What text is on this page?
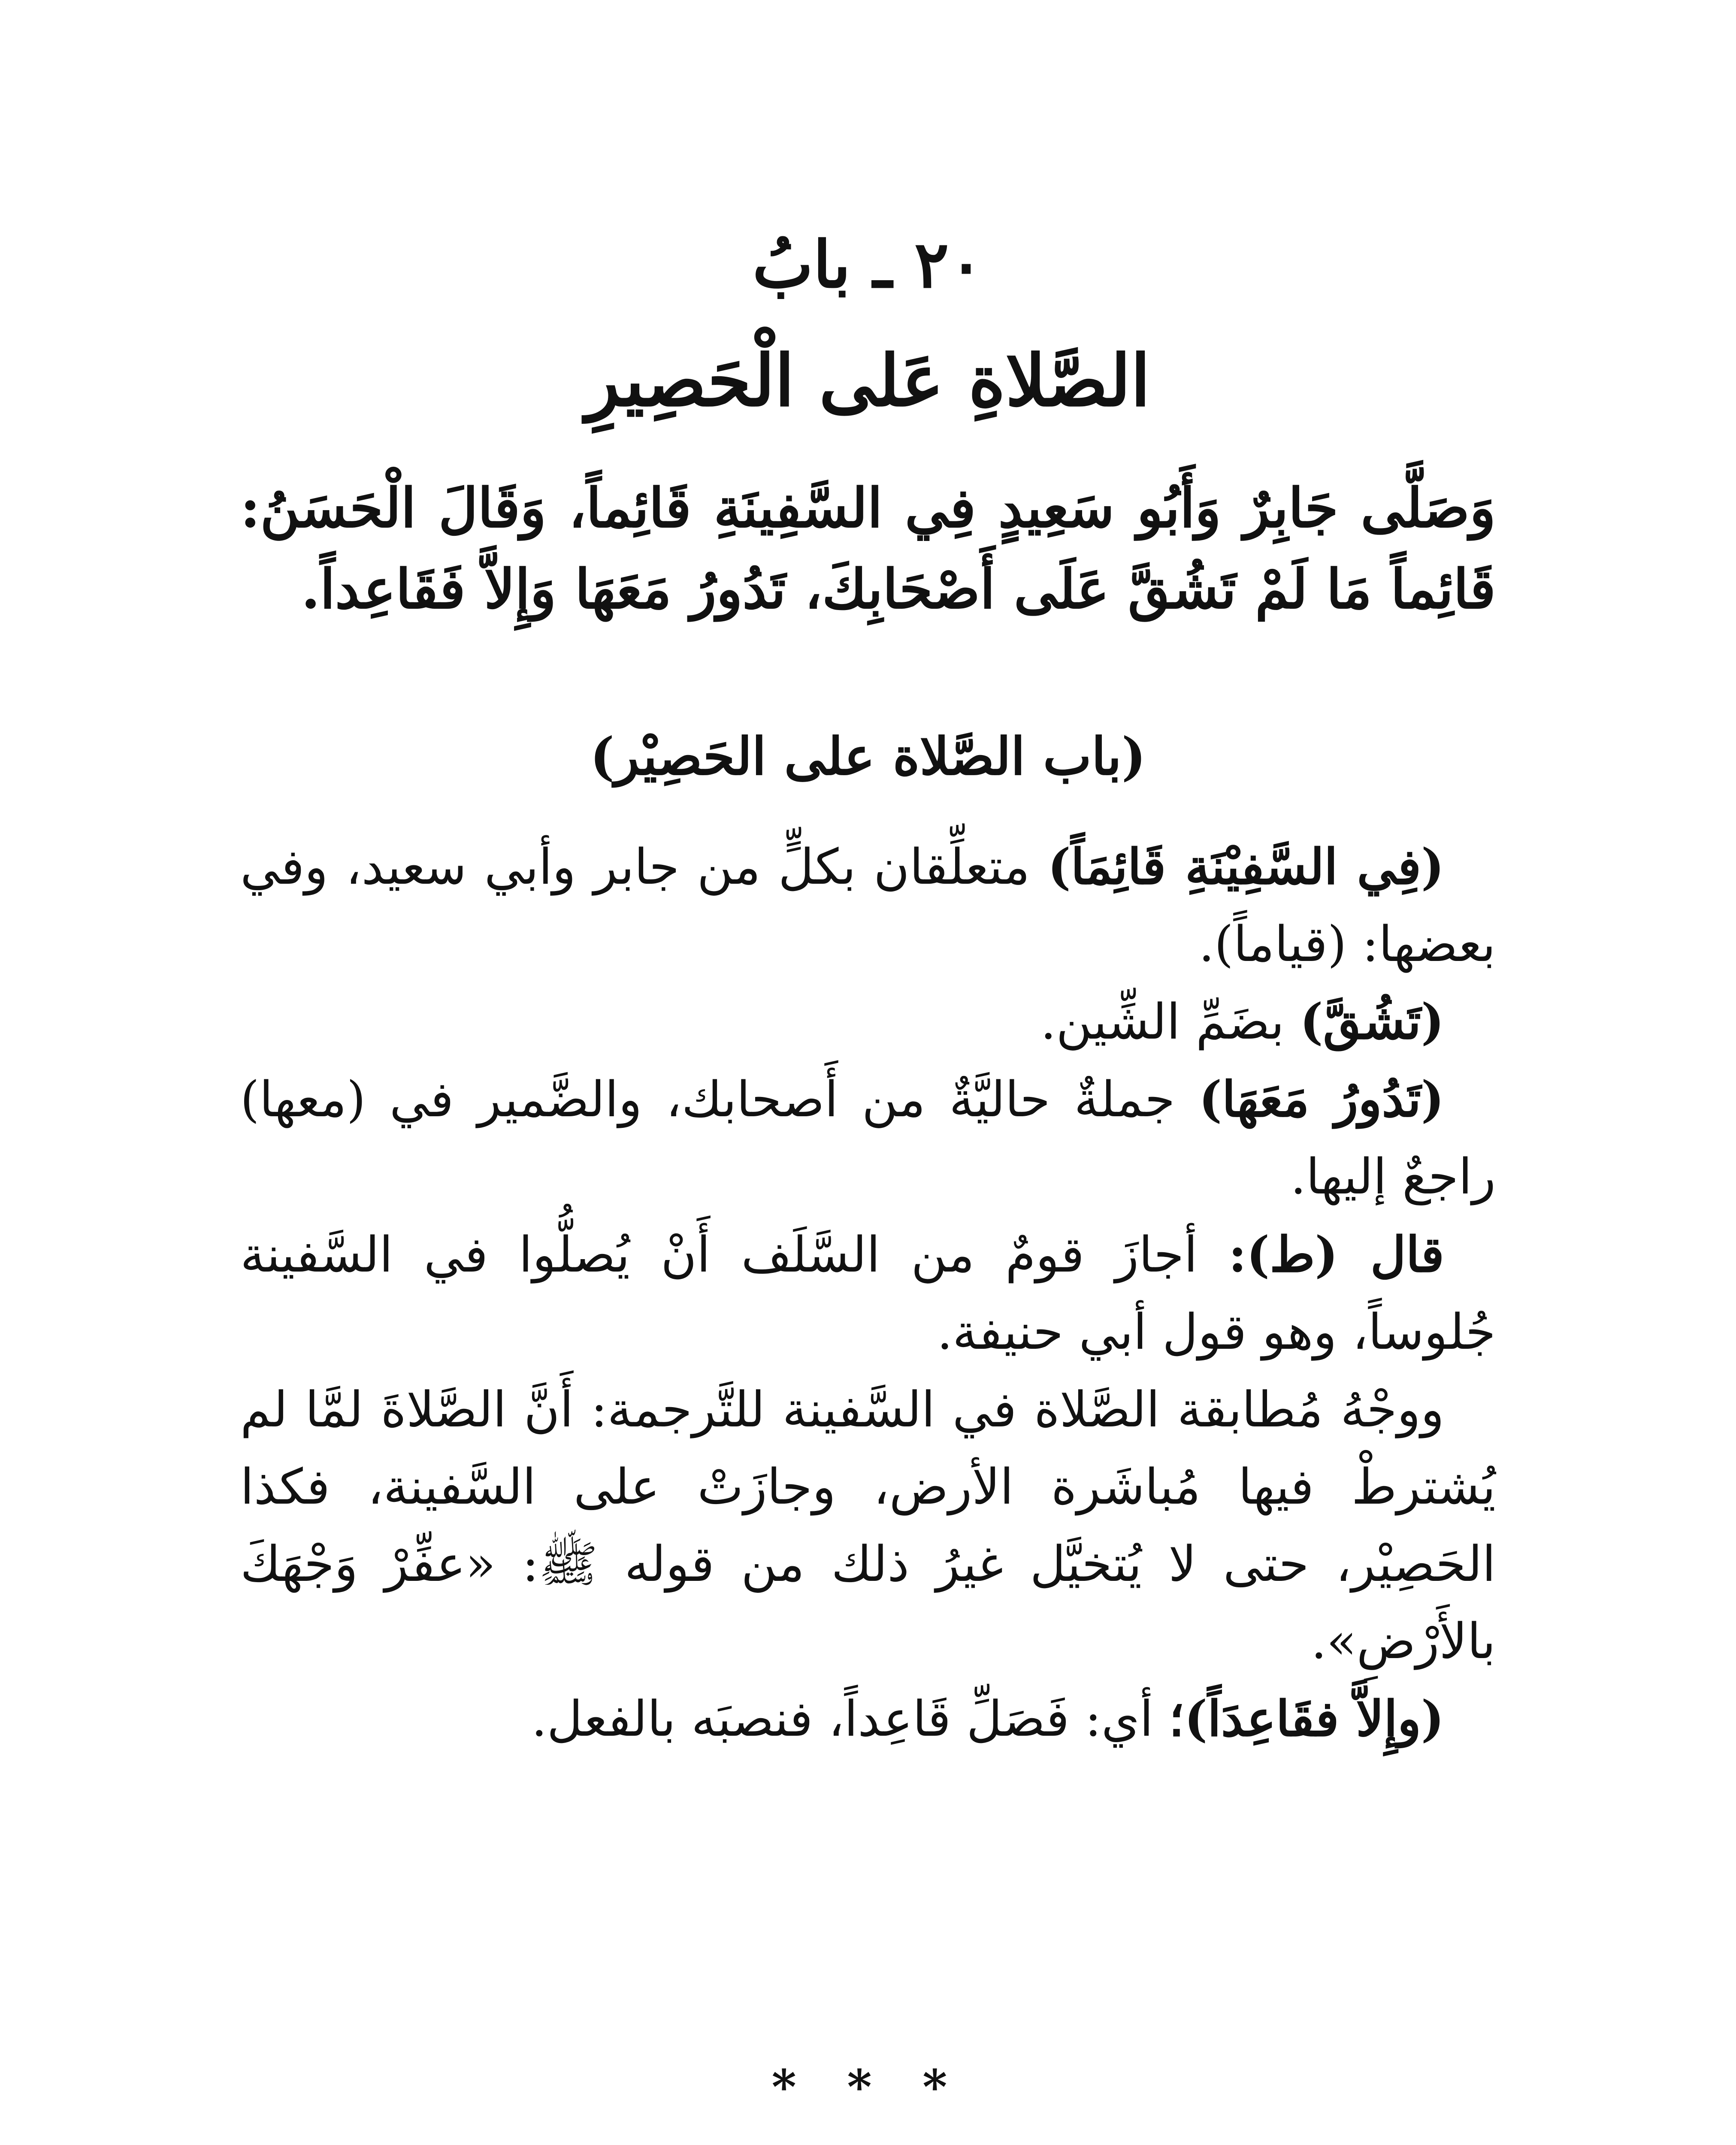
٢٠ ـ بابُ
الصَّلاةِ عَلى الْحَصِيرِ
وَصَلَّى جَابِرٌ وَأَبُو سَعِيدٍ فِي السَّفِينَةِ قَائِماً، وَقَالَ الْحَسَنُ: قَائِماً مَا لَمْ تَشُقَّ عَلَى أَصْحَابِكَ، تَدُورُ مَعَهَا وَإِلاَّ فَقَاعِداً.
(باب الصَّلاة على الحَصِيْر)

(فِي السَّفِيْنَةِ قَائِمَاً) متعلِّقان بكلٍّ من جابر وأبي سعيد، وفي بعضها: (قياماً).

(تَشُقَّ) بضَمِّ الشِّين.

(تَدُورُ مَعَهَا) جملةٌ حاليَّةٌ من أَصحابك، والضَّمير في (معها) راجعٌ إليها.

قال (ط): أجازَ قومٌ من السَّلَف أَنْ يُصلُّوا في السَّفينة جُلوساً، وهو قول أبي حنيفة.

ووجْهُ مُطابقة الصَّلاة في السَّفينة للتَّرجمة: أَنَّ الصَّلاةَ لمَّا لم يُشترطْ فيها مُباشَرة الأرض، وجازَتْ على السَّفينة، فكذا الحَصِيْر، حتى لا يُتخيَّل غيرُ ذلك من قوله ﷺ: «عفِّرْ وَجْهَكَ بالأَرْضِ».

(وإِلاَّ فقَاعِدَاً)؛ أي: فَصَلِّ قَاعِداً، فنصبَه بالفعل.

* * *
